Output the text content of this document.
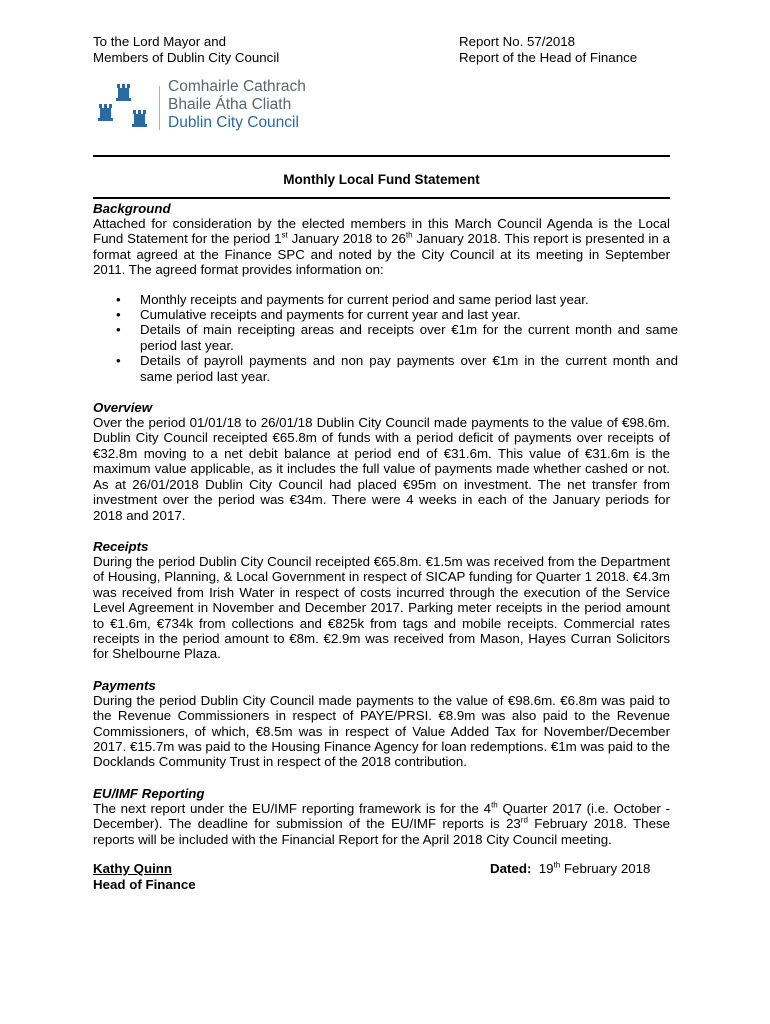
To the Lord Mayor and
Members of Dublin City Council
Report No. 57/2018
Report of the Head of Finance
Comhairle Cathrach
Bhaile Átha Cliath
Dublin City Council
Monthly Local Fund Statement
Background

Attached for consideration by the elected members in this March Council Agenda is the Local Fund Statement for the period 1st January 2018 to 26th January 2018. This report is presented in a format agreed at the Finance SPC and noted by the City Council at its meeting in September 2011. The agreed format provides information on:

• Monthly receipts and payments for current period and same period last year.
• Cumulative receipts and payments for current year and last year.
• Details of main receipting areas and receipts over €1m for the current month and same period last year.
• Details of payroll payments and non pay payments over €1m in the current month and same period last year.
Overview

Over the period 01/01/18 to 26/01/18 Dublin City Council made payments to the value of €98.6m. Dublin City Council receipted €65.8m of funds with a period deficit of payments over receipts of €32.8m moving to a net debit balance at period end of €31.6m. This value of €31.6m is the maximum value applicable, as it includes the full value of payments made whether cashed or not. As at 26/01/2018 Dublin City Council had placed €95m on investment. The net transfer from investment over the period was €34m. There were 4 weeks in each of the January periods for 2018 and 2017.

Receipts

During the period Dublin City Council receipted €65.8m. €1.5m was received from the Department of Housing, Planning, & Local Government in respect of SICAP funding for Quarter 1 2018. €4.3m was received from Irish Water in respect of costs incurred through the execution of the Service Level Agreement in November and December 2017. Parking meter receipts in the period amount to €1.6m, €734k from collections and €825k from tags and mobile receipts. Commercial rates receipts in the period amount to €8m. €2.9m was received from Mason, Hayes Curran Solicitors for Shelbourne Plaza.

Payments

During the period Dublin City Council made payments to the value of €98.6m. €6.8m was paid to the Revenue Commissioners in respect of PAYE/PRSI. €8.9m was also paid to the Revenue Commissioners, of which, €8.5m was in respect of Value Added Tax for November/December 2017. €15.7m was paid to the Housing Finance Agency for loan redemptions. €1m was paid to the Docklands Community Trust in respect of the 2018 contribution.

EU/IMF Reporting

The next report under the EU/IMF reporting framework is for the 4th Quarter 2017 (i.e. October - December). The deadline for submission of the EU/IMF reports is 23rd February 2018. These reports will be included with the Financial Report for the April 2018 City Council meeting.

Kathy Quinn
Head of Finance
Dated: 19th February 2018
